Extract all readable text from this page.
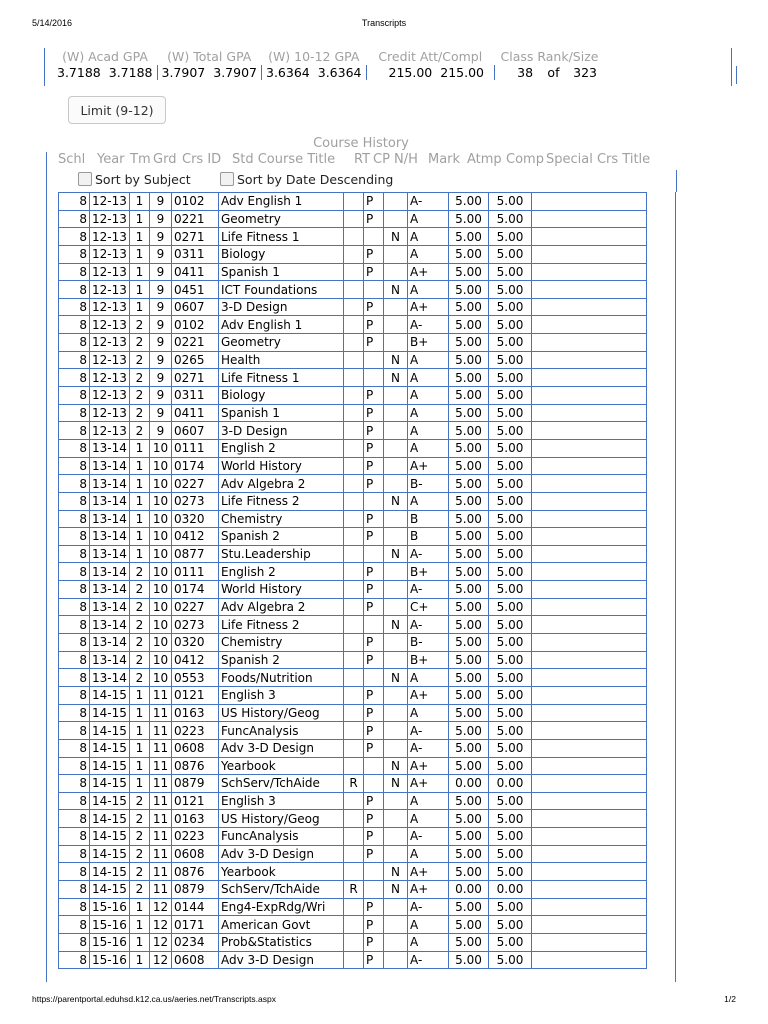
5/14/2016	Transcripts
(W) Acad GPA		(W) Total GPA		(W) 10-12 GPA		Credit Att/Compl		Class Rank/Size		
3.7188	3.7188	3.7907	3.7907	3.6364	3.6364	215.00	215.00	38	of	323
Limit (9-12)
Course History
Schl Year Tm Grd Crs ID Std Course Title RT CP N/H Mark Atmp Comp Special Crs Title
Sort by Subject	Sort by Date Descending
8	12-13	1	9	0102	Adv English 1		P		A-	5.00	5.00	
8	12-13	1	9	0221	Geometry		P		A	5.00	5.00	
8	12-13	1	9	0271	Life Fitness 1			N	A	5.00	5.00	
8	12-13	1	9	0311	Biology		P		A	5.00	5.00	
8	12-13	1	9	0411	Spanish 1		P		A+	5.00	5.00	
8	12-13	1	9	0451	ICT Foundations			N	A	5.00	5.00	
8	12-13	1	9	0607	3-D Design		P		A+	5.00	5.00	
8	12-13	2	9	0102	Adv English 1		P		A-	5.00	5.00	
8	12-13	2	9	0221	Geometry		P		B+	5.00	5.00	
8	12-13	2	9	0265	Health			N	A	5.00	5.00	
8	12-13	2	9	0271	Life Fitness 1			N	A	5.00	5.00	
8	12-13	2	9	0311	Biology		P		A	5.00	5.00	
8	12-13	2	9	0411	Spanish 1		P		A	5.00	5.00	
8	12-13	2	9	0607	3-D Design		P		A	5.00	5.00	
8	13-14	1	10	0111	English 2		P		A	5.00	5.00	
8	13-14	1	10	0174	World History		P		A+	5.00	5.00	
8	13-14	1	10	0227	Adv Algebra 2		P		B-	5.00	5.00	
8	13-14	1	10	0273	Life Fitness 2			N	A	5.00	5.00	
8	13-14	1	10	0320	Chemistry		P		B	5.00	5.00	
8	13-14	1	10	0412	Spanish 2		P		B	5.00	5.00	
8	13-14	1	10	0877	Stu.Leadership			N	A-	5.00	5.00	
8	13-14	2	10	0111	English 2		P		B+	5.00	5.00	
8	13-14	2	10	0174	World History		P		A-	5.00	5.00	
8	13-14	2	10	0227	Adv Algebra 2		P		C+	5.00	5.00	
8	13-14	2	10	0273	Life Fitness 2			N	A-	5.00	5.00	
8	13-14	2	10	0320	Chemistry		P		B-	5.00	5.00	
8	13-14	2	10	0412	Spanish 2		P		B+	5.00	5.00	
8	13-14	2	10	0553	Foods/Nutrition			N	A	5.00	5.00	
8	14-15	1	11	0121	English 3		P		A+	5.00	5.00	
8	14-15	1	11	0163	US History/Geog		P		A	5.00	5.00	
8	14-15	1	11	0223	FuncAnalysis		P		A-	5.00	5.00	
8	14-15	1	11	0608	Adv 3-D Design		P		A-	5.00	5.00	
8	14-15	1	11	0876	Yearbook			N	A+	5.00	5.00	
8	14-15	1	11	0879	SchServ/TchAide	R		N	A+	0.00	0.00	
8	14-15	2	11	0121	English 3		P		A	5.00	5.00	
8	14-15	2	11	0163	US History/Geog		P		A	5.00	5.00	
8	14-15	2	11	0223	FuncAnalysis		P		A-	5.00	5.00	
8	14-15	2	11	0608	Adv 3-D Design		P		A	5.00	5.00	
8	14-15	2	11	0876	Yearbook			N	A+	5.00	5.00	
8	14-15	2	11	0879	SchServ/TchAide	R		N	A+	0.00	0.00	
8	15-16	1	12	0144	Eng4-ExpRdg/Wri		P		A-	5.00	5.00	
8	15-16	1	12	0171	American Govt		P		A	5.00	5.00	
8	15-16	1	12	0234	Prob&Statistics		P		A	5.00	5.00	
8	15-16	1	12	0608	Adv 3-D Design		P		A-	5.00	5.00	
https://parentportal.eduhsd.k12.ca.us/aeries.net/Transcripts.aspx	1/2
